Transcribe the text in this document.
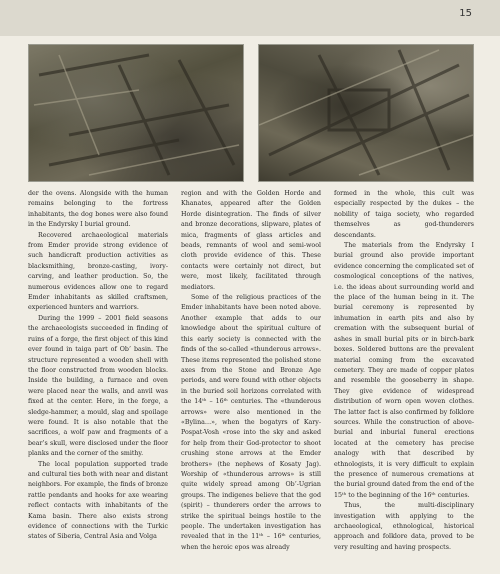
15

der the ovens. Alongside with the human remains belonging to the fortress inhabitants, the dog bones were also found in the Endyrsky I burial ground.

Recovered archaeological materials from Emder provide strong evidence of such handicraft production activities as blacksmithing, bronze-casting, ivory-carving, and leather production. So, the numerous evidences allow one to regard Emder inhabitants as skilled craftsmen, experienced hunters and warriors.

During the 1999 – 2001 field seasons the archaeologists succeeded in finding of ruins of a forge, the first object of this kind ever found in taiga part of Ob’ basin. The structure represented a wooden shell with the floor constructed from wooden blocks. Inside the building, a furnace and oven were placed near the walls, and anvil was fixed at the center. Here, in the forge, a sledge-hammer, a mould, slag and spoilage were found. It is also notable that the sacrifices, a wolf paw and fragments of a bear’s skull, were disclosed under the floor planks and the corner of the smithy.

The local population supported trade and cultural ties both with near and distant neighbors. For example, the finds of bronze rattle pendants and hooks for axe wearing reflect contacts with inhabitants of the Kama basin. There also exists strong evidence of connections with the Turkic states of Siberia, Central Asia and Volga

region and with the Golden Horde and Khanates, appeared after the Golden Horde disintegration. The finds of silver and bronze decorations, slipware, plates of mica, fragments of glass articles and beads, remnants of wool and semi-wool cloth provide evidence of this. These contacts were certainly not direct, but were, most likely, facilitated through mediators.

Some of the religious practices of the Emder inhabitants have been noted above. Another example that adds to our knowledge about the spiritual culture of this early society is connected with the finds of the so-called «thunderous arrows». These items represented the polished stone axes from the Stone and Bronze Age periods, and were found with other objects in the buried soil horizons correlated with the 14ᵗʰ – 16ᵗʰ centuries. The «thunderous arrows» were also mentioned in the «Bylina…», when the bogatyrs of Kary-Pospat-Vosh «rose into the sky and asked for help from their God-protector to shoot crushing stone arrows at the Emder brothers» (the nephews of Kosaty Jag). Worship of «thunderous arrows» is still quite widely spread among Ob’-Ugrian groups. The indigenes believe that the god (spirit) – thunderers order the arrows to strike the spiritual beings hostile to the people. The undertaken investigation has revealed that in the 11ᵗʰ – 16ᵗʰ centuries, when the heroic epos was already

formed in the whole, this cult was especially respected by the dukes – the nobility of taiga society, who regarded themselves as god-thunderers descendants.

The materials from the Endyrsky I burial ground also provide important evidence concerning the complicated set of cosmological conceptions of the natives, i.e. the ideas about surrounding world and the place of the human being in it. The burial ceremony is represented by inhumation in earth pits and also by cremation with the subsequent burial of ashes in small burial pits or in birch-bark boxes. Soldered buttons are the prevalent material coming from the excavated cemetery. They are made of copper plates and resemble the gooseberry in shape. They give evidence of widespread distribution of worn open woven clothes. The latter fact is also confirmed by folklore sources. While the construction of above-burial and inburial funeral erections located at the cemetery has precise analogy with that described by ethnologists, it is very difficult to explain the presence of numerous cremations at the burial ground dated from the end of the 15ᵗʰ to the beginning of the 16ᵗʰ centuries.

Thus, the multi-disciplinary investigation with applying to the archaeological, ethnological, historical approach and folklore data, proved to be very resulting and having prospects.
